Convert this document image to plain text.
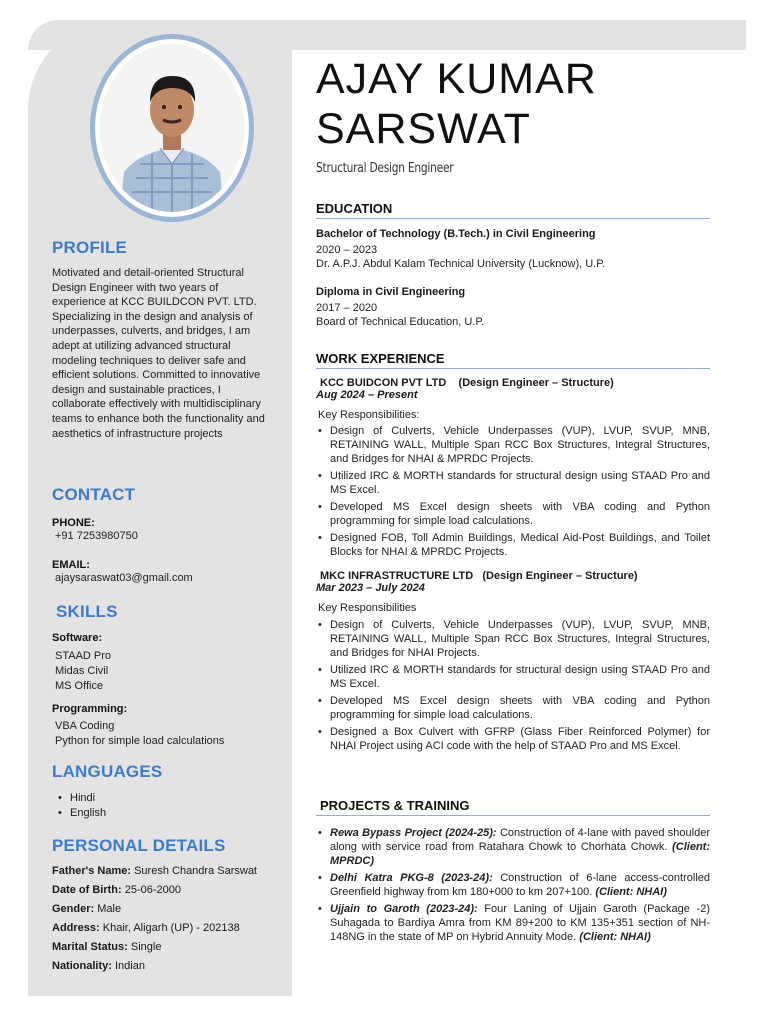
PROFILE
Motivated and detail-oriented Structural Design Engineer with two years of experience at KCC BUILDCON PVT. LTD. Specializing in the design and analysis of underpasses, culverts, and bridges, I am adept at utilizing advanced structural modeling techniques to deliver safe and efficient solutions. Committed to innovative design and sustainable practices, I collaborate effectively with multidisciplinary teams to enhance both the functionality and aesthetics of infrastructure projects
CONTACT
PHONE:
+91 7253980750
EMAIL:
ajaysaraswat03@gmail.com
SKILLS
Software:
STAAD Pro
Midas Civil
MS Office
Programming:
VBA Coding
Python for simple load calculations
LANGUAGES
• Hindi
• English
PERSONAL DETAILS
Father's Name: Suresh Chandra Sarswat
Date of Birth: 25-06-2000
Gender: Male
Address: Khair, Aligarh (UP) - 202138
Marital Status: Single
Nationality: Indian
AJAY KUMAR
SARSWAT
Structural Design Engineer
EDUCATION
Bachelor of Technology (B.Tech.) in Civil Engineering
2020 – 2023
Dr. A.P.J. Abdul Kalam Technical University (Lucknow), U.P.
Diploma in Civil Engineering
2017 – 2020
Board of Technical Education, U.P.
WORK EXPERIENCE
KCC BUIDCON PVT LTD (Design Engineer – Structure)
Aug 2024 – Present
Key Responsibilities:
• Design of Culverts, Vehicle Underpasses (VUP), LVUP, SVUP, MNB, RETAINING WALL, Multiple Span RCC Box Structures, Integral Structures, and Bridges for NHAI & MPRDC Projects.
• Utilized IRC & MORTH standards for structural design using STAAD Pro and MS Excel.
• Developed MS Excel design sheets with VBA coding and Python programming for simple load calculations.
• Designed FOB, Toll Admin Buildings, Medical Aid-Post Buildings, and Toilet Blocks for NHAI & MPRDC Projects.
MKC INFRASTRUCTURE LTD (Design Engineer – Structure)
Mar 2023 – July 2024
Key Responsibilities
• Design of Culverts, Vehicle Underpasses (VUP), LVUP, SVUP, MNB, RETAINING WALL, Multiple Span RCC Box Structures, Integral Structures, and Bridges for NHAI Projects.
• Utilized IRC & MORTH standards for structural design using STAAD Pro and MS Excel.
• Developed MS Excel design sheets with VBA coding and Python programming for simple load calculations.
• Designed a Box Culvert with GFRP (Glass Fiber Reinforced Polymer) for NHAI Project using ACI code with the help of STAAD Pro and MS Excel.
PROJECTS & TRAINING
• Rewa Bypass Project (2024-25): Construction of 4-lane with paved shoulder along with service road from Ratahara Chowk to Chorhata Chowk. (Client: MPRDC)
• Delhi Katra PKG-8 (2023-24): Construction of 6-lane access-controlled Greenfield highway from km 180+000 to km 207+100. (Client: NHAI)
• Ujjain to Garoth (2023-24): Four Laning of Ujjain Garoth (Package -2) Suhagada to Bardiya Amra from KM 89+200 to KM 135+351 section of NH-148NG in the state of MP on Hybrid Annuity Mode. (Client: NHAI)
